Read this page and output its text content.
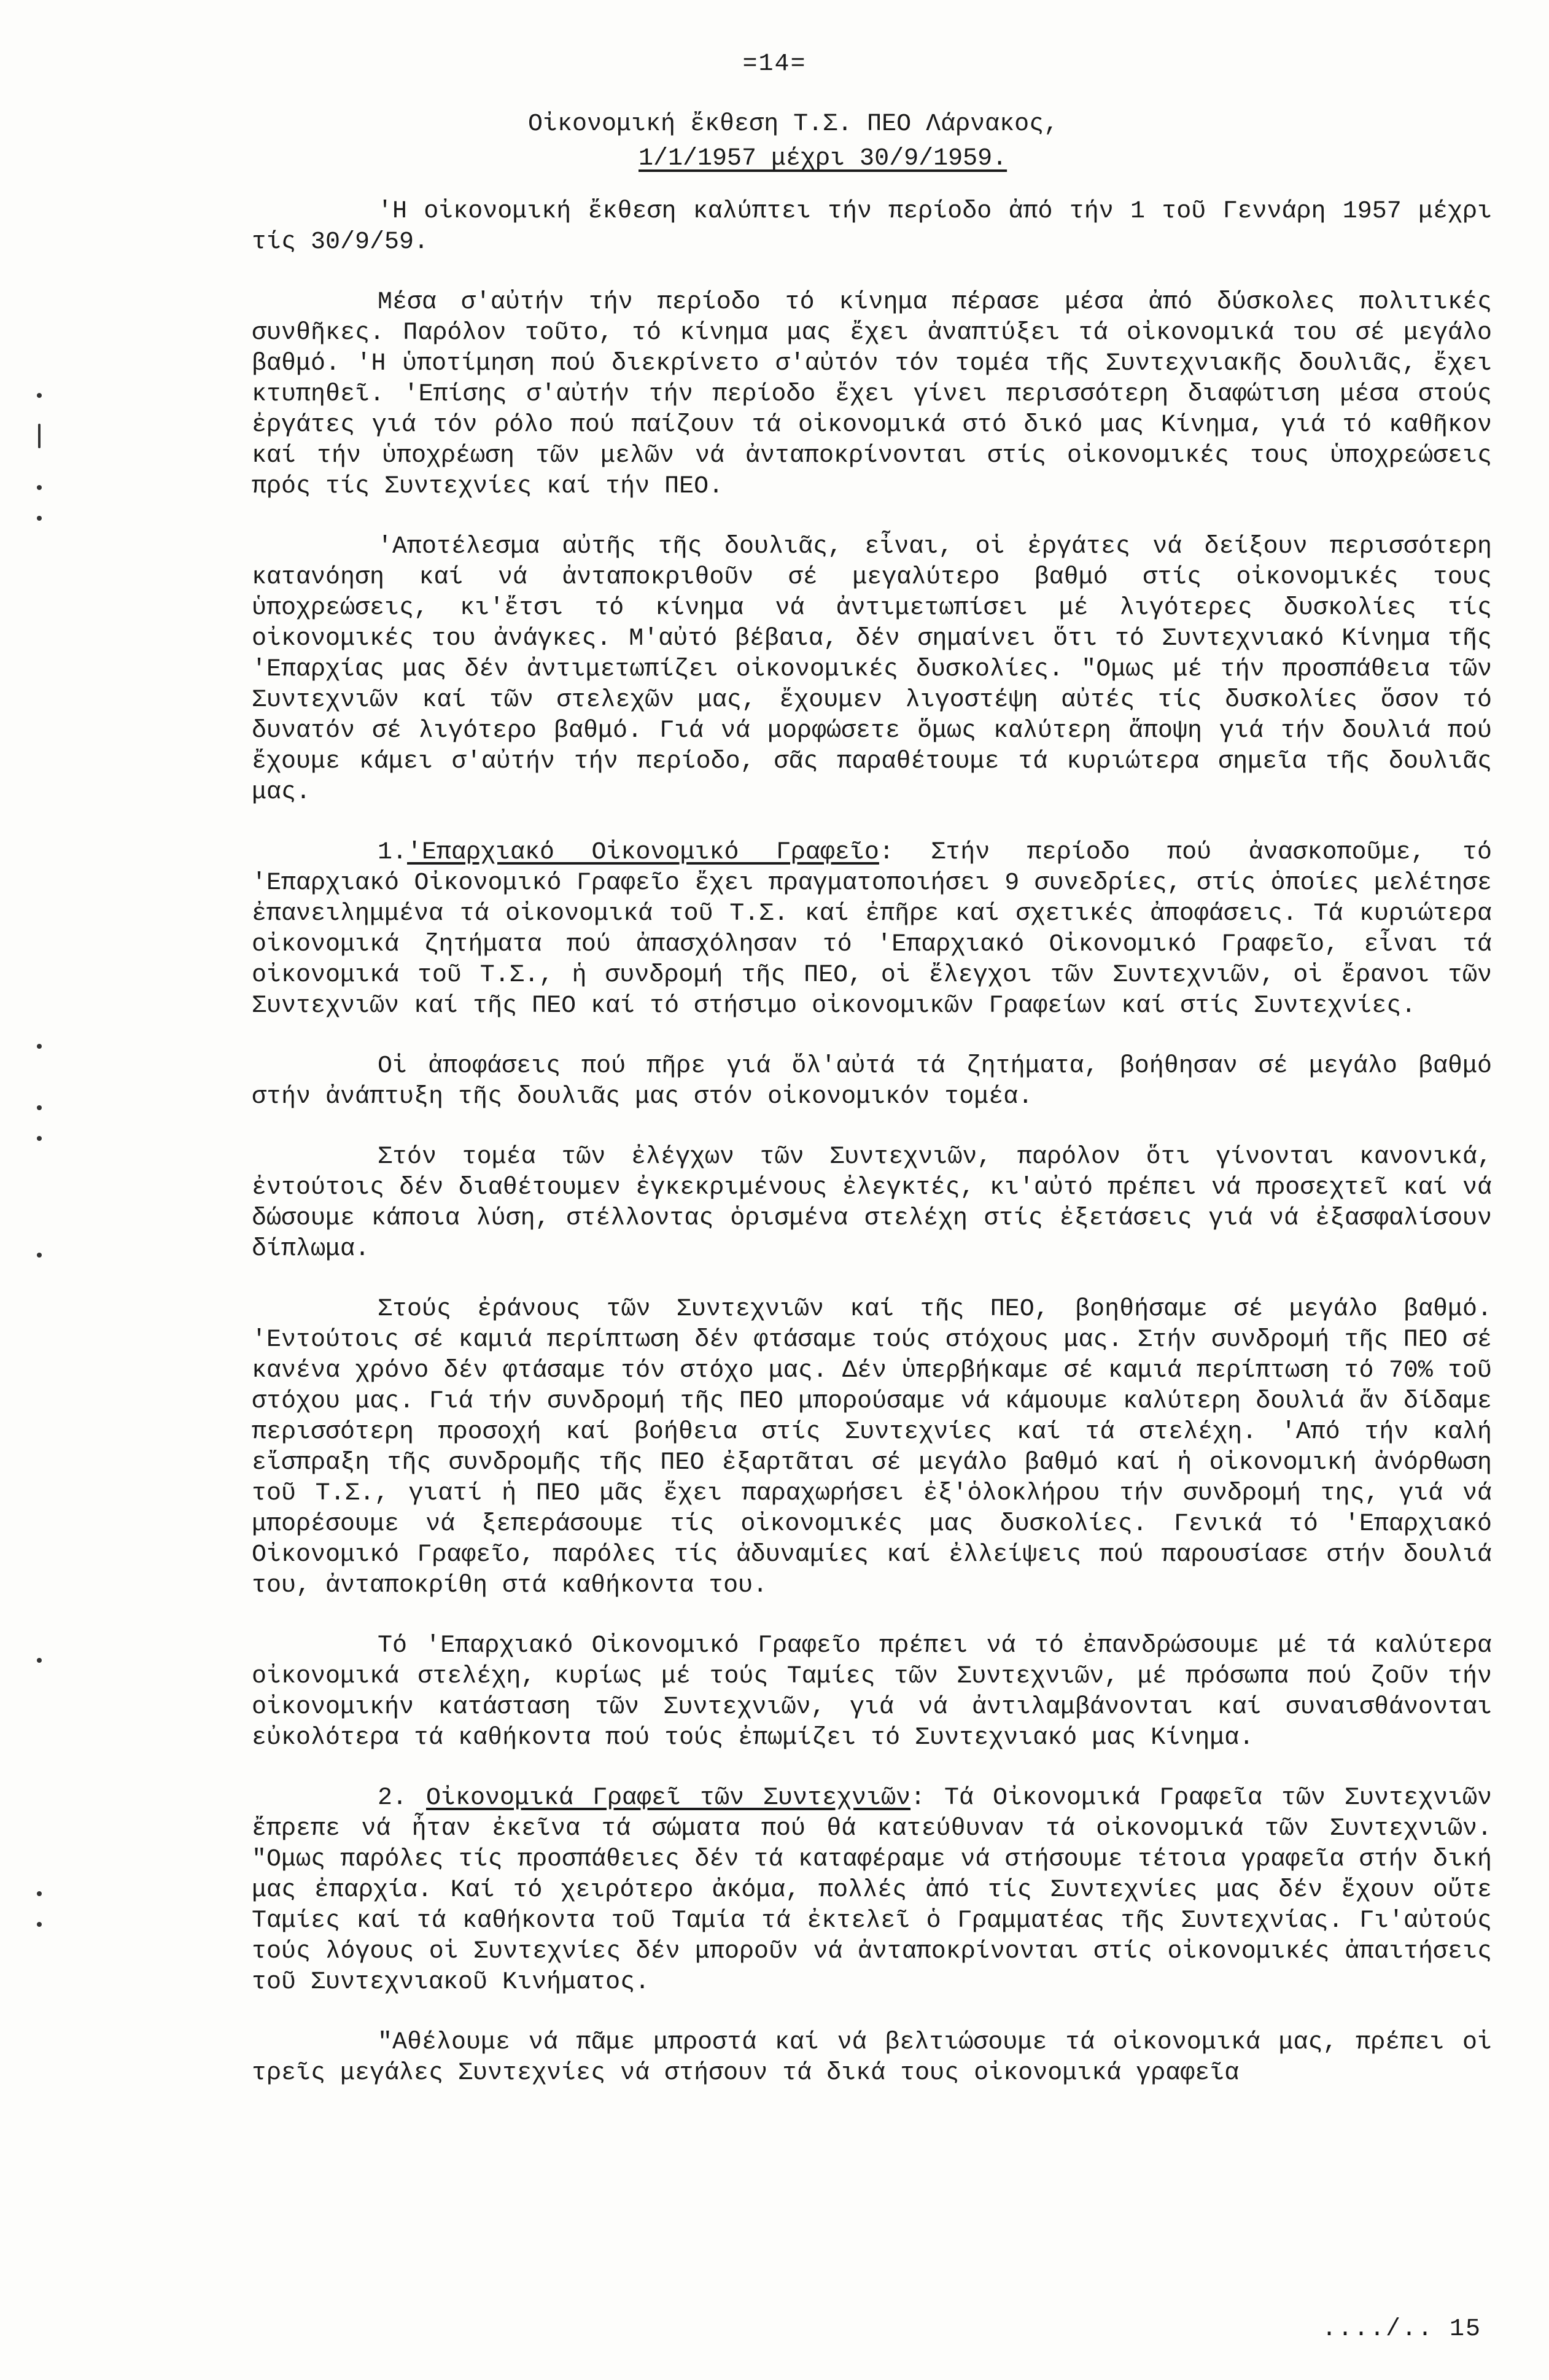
=14=
Οἰκονομική ἔκθεση Τ.Σ. ΠΕΟ Λάρνακος,
1/1/1957 μέχρι 30/9/1959.

'Η οἰκονομική ἔκθεση καλύπτει τήν περίοδο ἀπό τήν 1 τοῦ Γεννάρη 1957 μέχρι τίς 30/9/59.

Μέσα σ'αὐτήν τήν περίοδο τό κίνημα πέρασε μέσα ἀπό δύσκολες πολιτικές συνθῆκες. Παρόλον τοῦτο, τό κίνημα μας ἔχει ἀναπτύξει τά οἰκονομικά του σέ μεγάλο βαθμό. 'Η ὑποτίμηση πού διεκρίνετο σ'αὐτόν τόν τομέα τῆς Συντεχνιακῆς δουλιᾶς, ἔχει κτυπηθεῖ. 'Επίσης σ'αὐτήν τήν περίοδο ἔχει γίνει περισσότερη διαφώτιση μέσα στούς ἐργάτες γιά τόν ρόλο πού παίζουν τά οἰκονομικά στό δικό μας Κίνημα, γιά τό καθῆκον καί τήν ὑποχρέωση τῶν μελῶν νά ἀνταποκρίνονται στίς οἰκονομικές τους ὑποχρεώσεις πρός τίς Συντεχνίες καί τήν ΠΕΟ.

'Αποτέλεσμα αὐτῆς τῆς δουλιᾶς, εἶναι, οἱ ἐργάτες νά δείξουν περισσότερη κατανόηση καί νά ἀνταποκριθοῦν σέ μεγαλύτερο βαθμό στίς οἰκονομικές τους ὑποχρεώσεις, κι'ἔτσι τό κίνημα νά ἀντιμετωπίσει μέ λιγότερες δυσκολίες τίς οἰκονομικές του ἀνάγκες. Μ'αὐτό βέβαια, δέν σημαίνει ὅτι τό Συντεχνιακό Κίνημα τῆς 'Επαρχίας μας δέν ἀντιμετωπίζει οἰκονομικές δυσκολίες. "Ομως μέ τήν προσπάθεια τῶν Συντεχνιῶν καί τῶν στελεχῶν μας, ἔχουμεν λιγοστέψη αὐτές τίς δυσκολίες ὅσον τό δυνατόν σέ λιγότερο βαθμό. Γιά νά μορφώσετε ὅμως καλύτερη ἄποψη γιά τήν δουλιά πού ἔχουμε κάμει σ'αὐτήν τήν περίοδο, σᾶς παραθέτουμε τά κυριώτερα σημεῖα τῆς δουλιᾶς μας.

1.'Επαρχιακό Οἰκονομικό Γραφεῖο: Στήν περίοδο πού ἀνασκοποῦμε, τό 'Επαρχιακό Οἰκονομικό Γραφεῖο ἔχει πραγματοποιήσει 9 συνεδρίες, στίς ὁποίες μελέτησε ἐπανειλημμένα τά οἰκονομικά τοῦ Τ.Σ. καί ἐπῆρε καί σχετικές ἀποφάσεις. Τά κυριώτερα οἰκονομικά ζητήματα πού ἀπασχόλησαν τό 'Επαρχιακό Οἰκονομικό Γραφεῖο, εἶναι τά οἰκονομικά τοῦ Τ.Σ., ἡ συνδρομή τῆς ΠΕΟ, οἱ ἔλεγχοι τῶν Συντεχνιῶν, οἱ ἔρανοι τῶν Συντεχνιῶν καί τῆς ΠΕΟ καί τό στήσιμο οἰκονομικῶν Γραφείων καί στίς Συντεχνίες.

Οἱ ἀποφάσεις πού πῆρε γιά ὅλ'αὐτά τά ζητήματα, βοήθησαν σέ μεγάλο βαθμό στήν ἀνάπτυξη τῆς δουλιᾶς μας στόν οἰκονομικόν τομέα.

Στόν τομέα τῶν ἐλέγχων τῶν Συντεχνιῶν, παρόλον ὅτι γίνονται κανονικά, ἐντούτοις δέν διαθέτουμεν ἐγκεκριμένους ἐλεγκτές, κι'αὐτό πρέπει νά προσεχτεῖ καί νά δώσουμε κάποια λύση, στέλλοντας ὁρισμένα στελέχη στίς ἐξετάσεις γιά νά ἐξασφαλίσουν δίπλωμα.

Στούς ἐράνους τῶν Συντεχνιῶν καί τῆς ΠΕΟ, βοηθήσαμε σέ μεγάλο βαθμό. 'Εντούτοις σέ καμιά περίπτωση δέν φτάσαμε τούς στόχους μας. Στήν συνδρομή τῆς ΠΕΟ σέ κανένα χρόνο δέν φτάσαμε τόν στόχο μας. Δέν ὑπερβήκαμε σέ καμιά περίπτωση τό 70% τοῦ στόχου μας. Γιά τήν συνδρομή τῆς ΠΕΟ μπορούσαμε νά κάμουμε καλύτερη δουλιά ἄν δίδαμε περισσότερη προσοχή καί βοήθεια στίς Συντεχνίες καί τά στελέχη. 'Από τήν καλή εἴσπραξη τῆς συνδρομῆς τῆς ΠΕΟ ἐξαρτᾶται σέ μεγάλο βαθμό καί ἡ οἰκονομική ἀνόρθωση τοῦ Τ.Σ., γιατί ἡ ΠΕΟ μᾶς ἔχει παραχωρήσει ἐξ'ὁλοκλήρου τήν συνδρομή της, γιά νά μπορέσουμε νά ξεπεράσουμε τίς οἰκονομικές μας δυσκολίες. Γενικά τό 'Επαρχιακό Οἰκονομικό Γραφεῖο, παρόλες τίς ἀδυναμίες καί ἐλλείψεις πού παρουσίασε στήν δουλιά του, ἀνταποκρίθη στά καθήκοντα του.

Τό 'Επαρχιακό Οἰκονομικό Γραφεῖο πρέπει νά τό ἐπανδρώσουμε μέ τά καλύτερα οἰκονομικά στελέχη, κυρίως μέ τούς Ταμίες τῶν Συντεχνιῶν, μέ πρόσωπα πού ζοῦν τήν οἰκονομικήν κατάσταση τῶν Συντεχνιῶν, γιά νά ἀντιλαμβάνονται καί συναισθάνονται εὐκολότερα τά καθήκοντα πού τούς ἐπωμίζει τό Συντεχνιακό μας Κίνημα.

2. Οἰκονομικά Γραφεῖ τῶν Συντεχνιῶν: Τά Οἰκονομικά Γραφεῖα τῶν Συντεχνιῶν ἔπρεπε νά ἦταν ἐκεῖνα τά σώματα πού θά κατεύθυναν τά οἰκονομικά τῶν Συντεχνιῶν. "Ομως παρόλες τίς προσπάθειες δέν τά καταφέραμε νά στήσουμε τέτοια γραφεῖα στήν δική μας ἐπαρχία. Καί τό χειρότερο ἀκόμα, πολλές ἀπό τίς Συντεχνίες μας δέν ἔχουν οὔτε Ταμίες καί τά καθήκοντα τοῦ Ταμία τά ἐκτελεῖ ὁ Γραμματέας τῆς Συντεχνίας. Γι'αὐτούς τούς λόγους οἱ Συντεχνίες δέν μποροῦν νά ἀνταποκρίνονται στίς οἰκονομικές ἀπαιτήσεις τοῦ Συντεχνιακοῦ Κινήματος.

"Αθέλουμε νά πᾶμε μπροστά καί νά βελτιώσουμε τά οἰκονομικά μας, πρέπει οἱ τρεῖς μεγάλες Συντεχνίες νά στήσουν τά δικά τους οἰκονομικά γραφεῖα

..../.. 15
